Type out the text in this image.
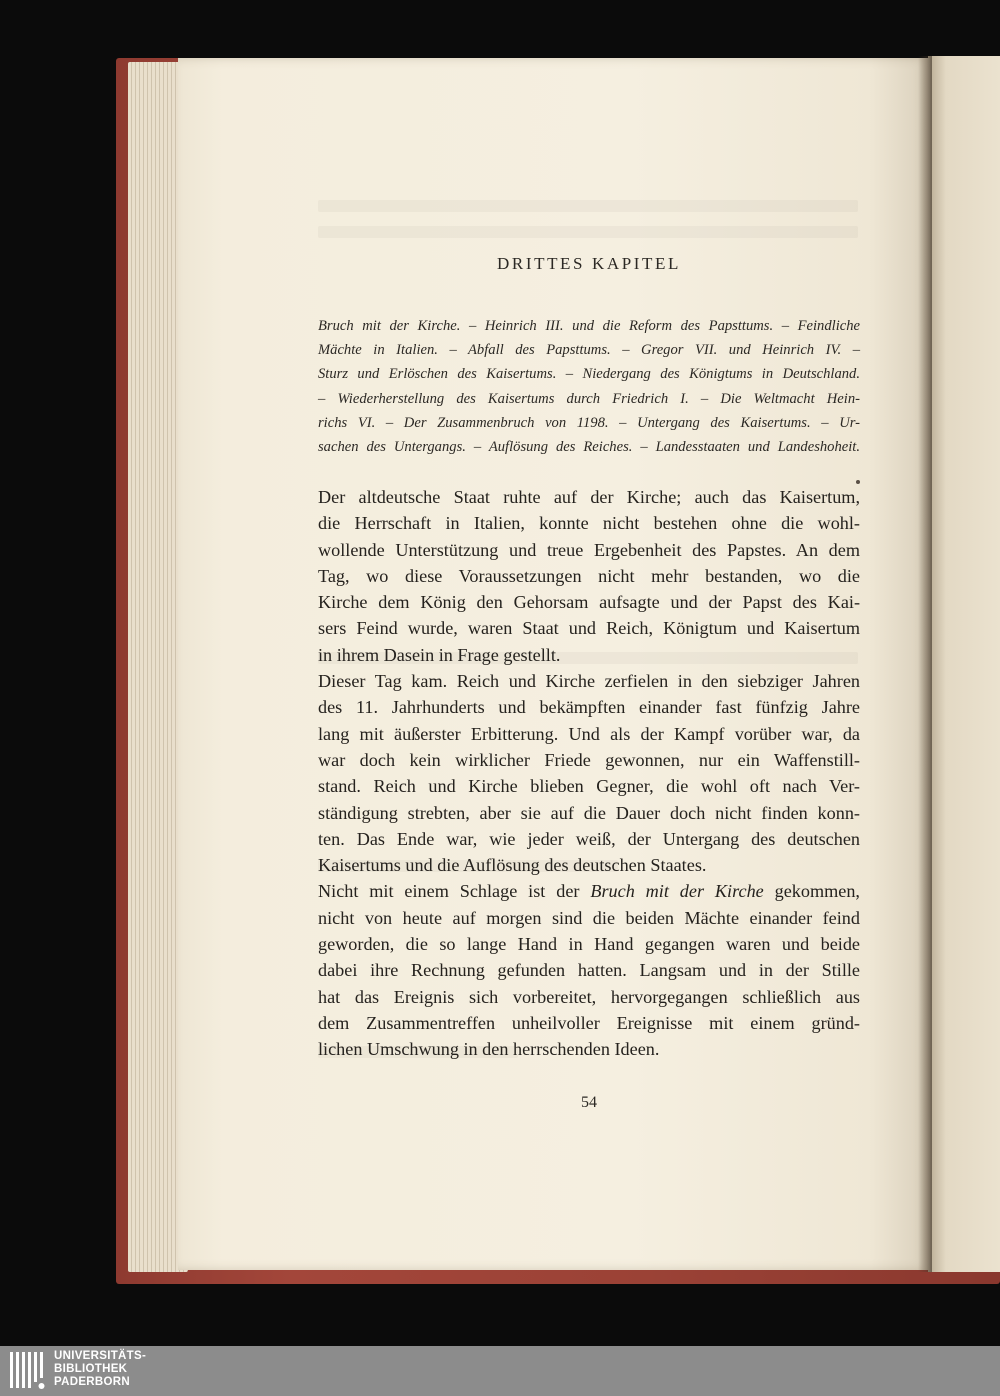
DRITTES KAPITEL
Bruch mit der Kirche. – Heinrich III. und die Reform des Papsttums. – Feindliche
Mächte in Italien. – Abfall des Papsttums. – Gregor VII. und Heinrich IV. –
Sturz und Erlöschen des Kaisertums. – Niedergang des Königtums in Deutschland.
– Wiederherstellung des Kaisertums durch Friedrich I. – Die Weltmacht Hein-
richs VI. – Der Zusammenbruch von 1198. – Untergang des Kaisertums. – Ur-
sachen des Untergangs. – Auflösung des Reiches. – Landesstaaten und Landeshoheit.
Der altdeutsche Staat ruhte auf der Kirche; auch das Kaisertum,
die Herrschaft in Italien, konnte nicht bestehen ohne die wohl-
wollende Unterstützung und treue Ergebenheit des Papstes. An dem
Tag, wo diese Voraussetzungen nicht mehr bestanden, wo die
Kirche dem König den Gehorsam aufsagte und der Papst des Kai-
sers Feind wurde, waren Staat und Reich, Königtum und Kaisertum
in ihrem Dasein in Frage gestellt.
Dieser Tag kam. Reich und Kirche zerfielen in den siebziger Jahren
des 11. Jahrhunderts und bekämpften einander fast fünfzig Jahre
lang mit äußerster Erbitterung. Und als der Kampf vorüber war, da
war doch kein wirklicher Friede gewonnen, nur ein Waffenstill-
stand. Reich und Kirche blieben Gegner, die wohl oft nach Ver-
ständigung strebten, aber sie auf die Dauer doch nicht finden konn-
ten. Das Ende war, wie jeder weiß, der Untergang des deutschen
Kaisertums und die Auflösung des deutschen Staates.
Nicht mit einem Schlage ist der Bruch mit der Kirche gekommen,
nicht von heute auf morgen sind die beiden Mächte einander feind
geworden, die so lange Hand in Hand gegangen waren und beide
dabei ihre Rechnung gefunden hatten. Langsam und in der Stille
hat das Ereignis sich vorbereitet, hervorgegangen schließlich aus
dem Zusammentreffen unheilvoller Ereignisse mit einem gründ-
lichen Umschwung in den herrschenden Ideen.
54
UNIVERSITÄTS-
BIBLIOTHEK
PADERBORN
